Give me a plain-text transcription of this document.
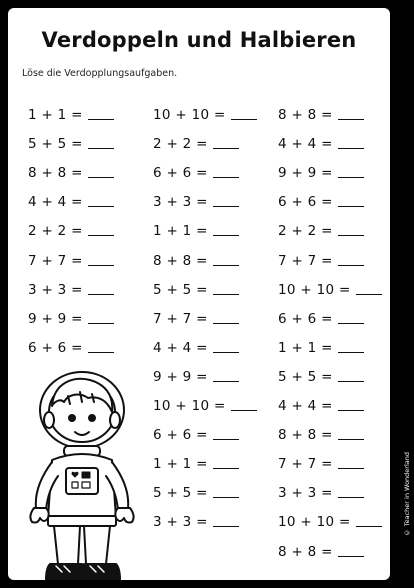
Verdoppeln und Halbieren
Löse die Verdopplungsaufgaben.
1 + 1 =
5 + 5 =
8 + 8 =
4 + 4 =
2 + 2 =
7 + 7 =
3 + 3 =
9 + 9 =
6 + 6 =
10 + 10 =
2 + 2 =
6 + 6 =
3 + 3 =
1 + 1 =
8 + 8 =
5 + 5 =
7 + 7 =
4 + 4 =
9 + 9 =
10 + 10 =
6 + 6 =
1 + 1 =
5 + 5 =
3 + 3 =
8 + 8 =
4 + 4 =
9 + 9 =
6 + 6 =
2 + 2 =
7 + 7 =
10 + 10 =
6 + 6 =
1 + 1 =
5 + 5 =
4 + 4 =
8 + 8 =
7 + 7 =
3 + 3 =
10 + 10 =
8 + 8 =
© Teacher in Wonderland
